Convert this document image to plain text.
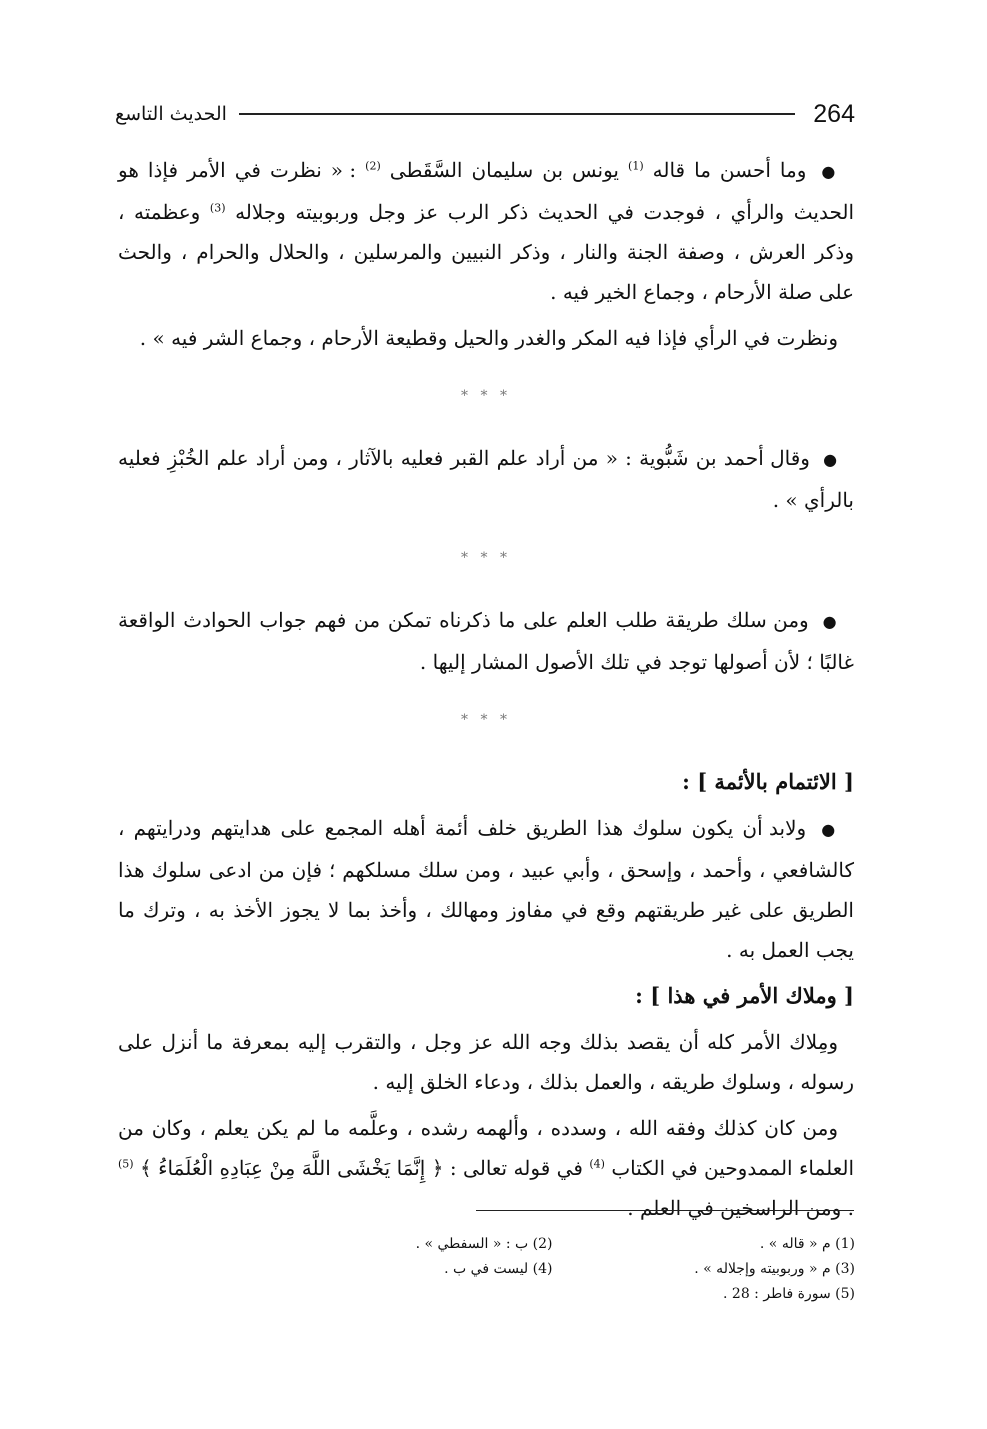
264
الحديث التاسع

● وما أحسن ما قاله $^{(1)}$ يونس بن سليمان السَّقَطى $^{(2)}$ : « نظرت في الأمر فإذا هو الحديث والرأي ، فوجدت في الحديث ذكر الرب عز وجل وربوبيته وجلاله $^{(3)}$ وعظمته ، وذكر العرش ، وصفة الجنة والنار ، وذكر النبيين والمرسلين ، والحلال والحرام ، والحث على صلة الأرحام ، وجماع الخير فيه .

ونظرت في الرأي فإذا فيه المكر والغدر والحيل وقطيعة الأرحام ، وجماع الشر فيه » .

* * *

● وقال أحمد بن شَبُّوية : « من أراد علم القبر فعليه بالآثار ، ومن أراد علم الخُبْزِ فعليه بالرأي » .

* * *

● ومن سلك طريقة طلب العلم على ما ذكرناه تمكن من فهم جواب الحوادث الواقعة غالبًا ؛ لأن أصولها توجد في تلك الأصول المشار إليها .

* * *
[ الائتمام بالأئمة ] :

● ولابد أن يكون سلوك هذا الطريق خلف أئمة أهله المجمع على هدايتهم ودرايتهم ، كالشافعي ، وأحمد ، وإسحق ، وأبي عبيد ، ومن سلك مسلكهم ؛ فإن من ادعى سلوك هذا الطريق على غير طريقتهم وقع في مفاوز ومهالك ، وأخذ بما لا يجوز الأخذ به ، وترك ما يجب العمل به .

[ وملاك الأمر في هذا ] :

ومِلاك الأمر كله أن يقصد بذلك وجه الله عز وجل ، والتقرب إليه بمعرفة ما أنزل على رسوله ، وسلوك طريقه ، والعمل بذلك ، ودعاء الخلق إليه .

ومن كان كذلك وفقه الله ، وسدده ، وألهمه رشده ، وعلَّمه ما لم يكن يعلم ، وكان من العلماء الممدوحين في الكتاب $^{(4)}$ في قوله تعالى : ﴿ إِنَّمَا يَخْشَى اللَّهَ مِنْ عِبَادِهِ الْعُلَمَاءُ ﴾ $^{(5)}$ . ومن الراسخين في العلم .

(1) م « قاله » .
(2) ب : « السفطي » .
(3) م « وربوبيته وإجلاله » .
(4) ليست في ب .
(5) سورة فاطر : 28 .
